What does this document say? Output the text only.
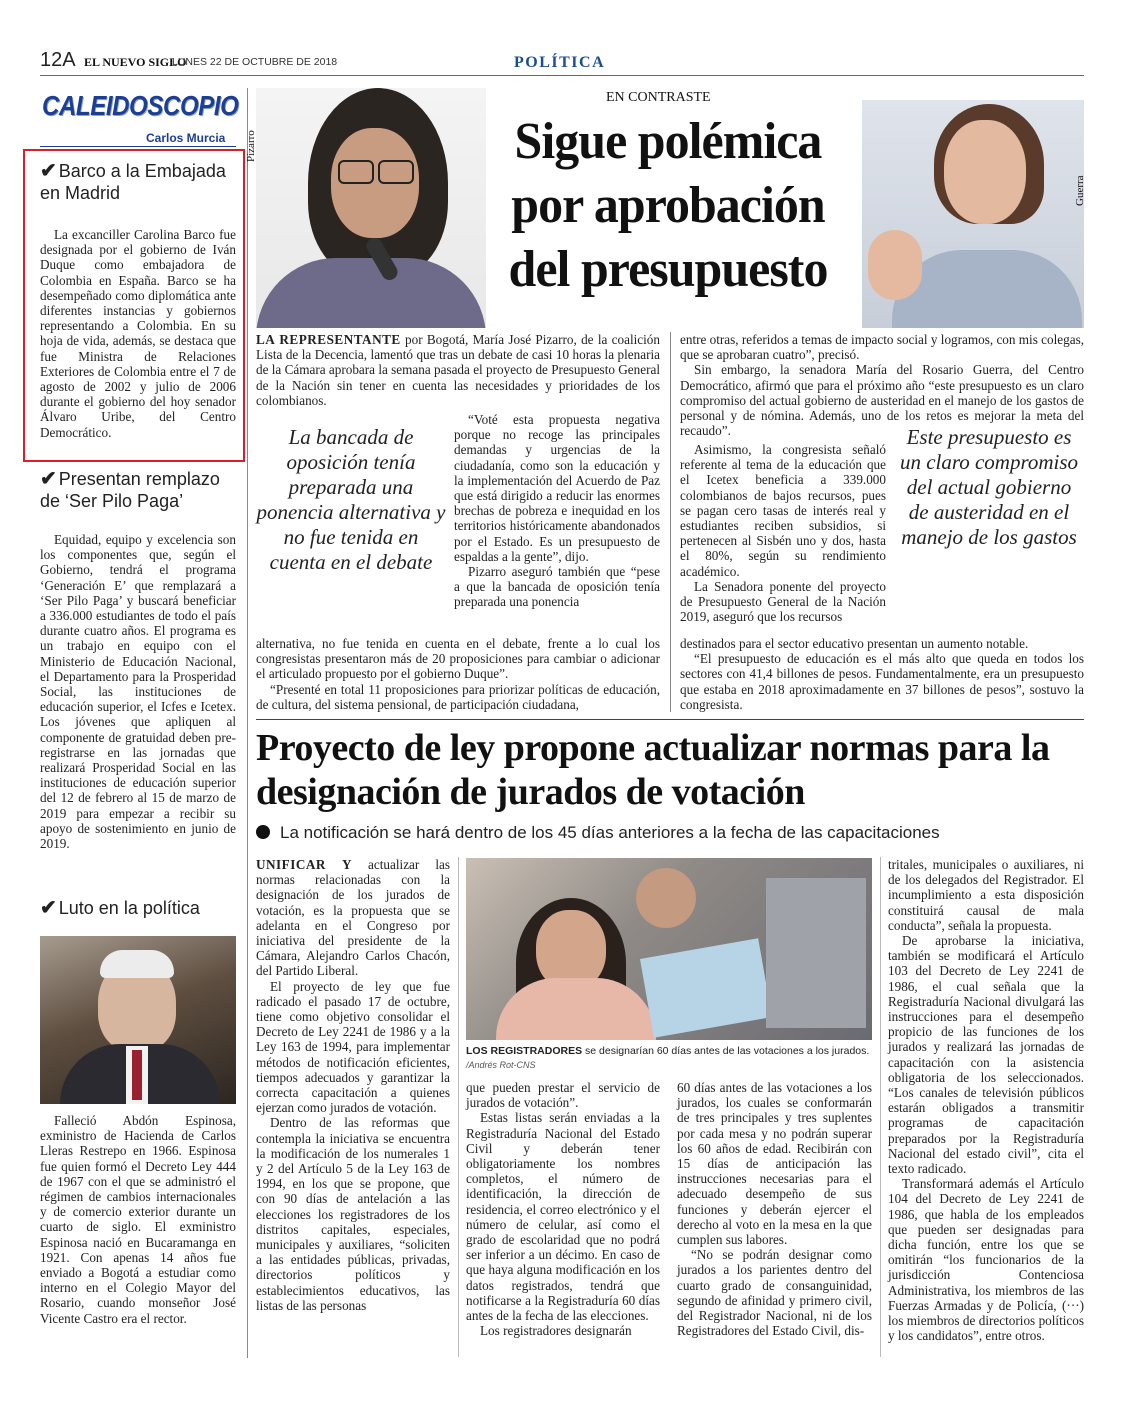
12A EL NUEVO SIGLO
LUNES 22 DE OCTUBRE DE 2018	POLÍTICA
CALEIDOSCOPIO
Carlos Murcia
✔ Barco a la Embajada en Madrid
La excanciller Carolina Barco fue designada por el gobierno de Iván Duque como embajadora de Colombia en España. Barco se ha desempeñado como diplomática ante diferentes instancias y gobiernos representando a Colombia. En su hoja de vida, además, se destaca que fue Ministra de Relaciones Exteriores de Colombia entre el 7 de agosto de 2002 y julio de 2006 durante el gobierno del hoy senador Álvaro Uribe, del Centro Democrático.
✔ Presentan remplazo de ‘Ser Pilo Paga’
Equidad, equipo y excelencia son los componentes que, según el Gobierno, tendrá el programa ‘Generación E’ que remplazará a ‘Ser Pilo Paga’ y buscará beneficiar a 336.000 estudiantes de todo el país durante cuatro años. El programa es un trabajo en equipo con el Ministerio de Educación Nacional, el Departamento para la Prosperidad Social, las instituciones de educación superior, el Icfes e Icetex. Los jóvenes que apliquen al componente de gratuidad deben pre-registrarse en las jornadas que realizará Prosperidad Social en las instituciones de educación superior del 12 de febrero al 15 de marzo de 2019 para empezar a recibir su apoyo de sostenimiento en junio de 2019.
✔ Luto en la política
Falleció Abdón Espinosa, exministro de Hacienda de Carlos Lleras Restrepo en 1966. Espinosa fue quien formó el Decreto Ley 444 de 1967 con el que se administró el régimen de cambios internacionales y de comercio exterior durante un cuarto de siglo. El exministro Espinosa nació en Bucaramanga en 1921. Con apenas 14 años fue enviado a Bogotá a estudiar como interno en el Colegio Mayor del Rosario, cuando monseñor José Vicente Castro era el rector.
Pizarro
EN CONTRASTE
Sigue polémica por aprobación del presupuesto
Guerra

LA REPRESENTANTE por Bogotá, María José Pizarro, de la coalición Lista de la Decencia, lamentó que tras un debate de casi 10 horas la plenaria de la Cámara aprobara la semana pasada el proyecto de Presupuesto General de la Nación sin tener en cuenta las necesidades y prioridades de los colombianos.

La bancada de oposición tenía preparada una ponencia alternativa y no fue tenida en cuenta en el debate

“Voté esta propuesta negativa porque no recoge las principales demandas y urgencias de la ciudadanía, como son la educación y la implementación del Acuerdo de Paz que está dirigido a reducir las enormes brechas de pobreza e inequidad en los territorios históricamente abandonados por el Estado. Es un presupuesto de espaldas a la gente”, dijo.

Pizarro aseguró también que “pese a que la bancada de oposición tenía preparada una ponencia

alternativa, no fue tenida en cuenta en el debate, frente a lo cual los congresistas presentaron más de 20 proposiciones para cambiar o adicionar el articulado propuesto por el gobierno Duque”.

“Presenté en total 11 proposiciones para priorizar políticas de educación, de cultura, del sistema pensional, de participación ciudadana,

entre otras, referidos a temas de impacto social y logramos, con mis colegas, que se aprobaran cuatro”, precisó.

Sin embargo, la senadora María del Rosario Guerra, del Centro Democrático, afirmó que para el próximo año “este presupuesto es un claro compromiso del actual gobierno de austeridad en el manejo de los gastos de personal y de nómina. Además, uno de los retos es mejorar la meta del recaudo”.

Asimismo, la congresista señaló referente al tema de la educación que el Icetex beneficia a 339.000 colombianos de bajos recursos, pues se pagan cero tasas de interés real y estudiantes reciben subsidios, si pertenecen al Sisbén uno y dos, hasta el 80%, según su rendimiento académico.

La Senadora ponente del proyecto de Presupuesto General de la Nación 2019, aseguró que los recursos

Este presupuesto es un claro compromiso del actual gobierno de austeridad en el manejo de los gastos

destinados para el sector educativo presentan un aumento notable.

“El presupuesto de educación es el más alto que queda en todos los sectores con 41,4 billones de pesos. Fundamentalmente, era un presupuesto que estaba en 2018 aproximadamente en 37 billones de pesos”, sostuvo la congresista.

Proyecto de ley propone actualizar normas para la designación de jurados de votación
La notificación se hará dentro de los 45 días anteriores a la fecha de las capacitaciones

UNIFICAR Y actualizar las normas relacionadas con la designación de los jurados de votación, es la propuesta que se adelanta en el Congreso por iniciativa del presidente de la Cámara, Alejandro Carlos Chacón, del Partido Liberal.

El proyecto de ley que fue radicado el pasado 17 de octubre, tiene como objetivo consolidar el Decreto de Ley 2241 de 1986 y a la Ley 163 de 1994, para implementar métodos de notificación eficientes, tiempos adecuados y garantizar la correcta capacitación a quienes ejerzan como jurados de votación.

Dentro de las reformas que contempla la iniciativa se encuentra la modificación de los numerales 1 y 2 del Artículo 5 de la Ley 163 de 1994, en los que se propone, que con 90 días de antelación a las elecciones los registradores de los distritos capitales, especiales, municipales y auxiliares, “soliciten a las entidades públicas, privadas, directorios políticos y establecimientos educativos, las listas de las personas

LOS REGISTRADORES se designarían 60 días antes de las votaciones a los jurados. /Andrés Rot-CNS

que pueden prestar el servicio de jurados de votación”.

Estas listas serán enviadas a la Registraduría Nacional del Estado Civil y deberán tener obligatoriamente los nombres completos, el número de identificación, la dirección de residencia, el correo electrónico y el número de celular, así como el grado de escolaridad que no podrá ser inferior a un décimo. En caso de que haya alguna modificación en los datos registrados, tendrá que notificarse a la Registraduría 60 días antes de la fecha de las elecciones.

Los registradores designarán

60 días antes de las votaciones a los jurados, los cuales se conformarán de tres principales y tres suplentes por cada mesa y no podrán superar los 60 años de edad. Recibirán con 15 días de anticipación las instrucciones necesarias para el adecuado desempeño de sus funciones y deberán ejercer el derecho al voto en la mesa en la que cumplen sus labores.

“No se podrán designar como jurados a los parientes dentro del cuarto grado de consanguinidad, segundo de afinidad y primero civil, del Registrador Nacional, ni de los Registradores del Estado Civil, dis-

tritales, municipales o auxiliares, ni de los delegados del Registrador. El incumplimiento a esta disposición constituirá causal de mala conducta”, señala la propuesta.

De aprobarse la iniciativa, también se modificará el Artículo 103 del Decreto de Ley 2241 de 1986, el cual señala que la Registraduría Nacional divulgará las instrucciones para el desempeño propicio de las funciones de los jurados y realizará las jornadas de capacitación con la asistencia obligatoria de los seleccionados. “Los canales de televisión públicos estarán obligados a transmitir programas de capacitación preparados por la Registraduría Nacional del estado civil”, cita el texto radicado.

Transformará además el Artículo 104 del Decreto de Ley 2241 de 1986, que habla de los empleados que pueden ser designadas para dicha función, entre los que se omitirán “los funcionarios de la jurisdicción Contenciosa Administrativa, los miembros de las Fuerzas Armadas y de Policía, (···) los miembros de directorios políticos y los candidatos”, entre otros.
